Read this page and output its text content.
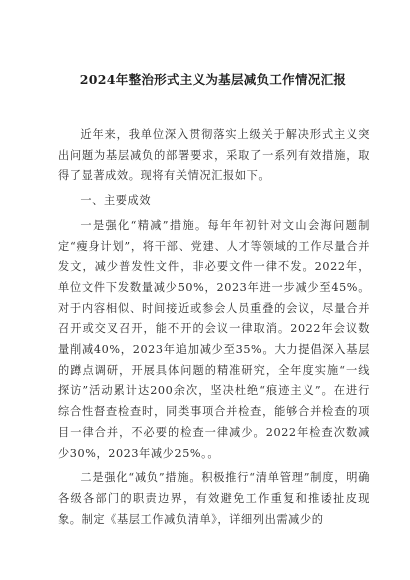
2024年整治形式主义为基层减负工作情况汇报

近年来，我单位深入贯彻落实上级关于解决形式主义突出问题为基层减负的部署要求，采取了一系列有效措施，取得了显著成效。现将有关情况汇报如下。

一、主要成效

一是强化“精减”措施。每年年初针对文山会海问题制定“瘦身计划”，将干部、党建、人才等领域的工作尽量合并发文，减少普发性文件，非必要文件一律不发。2022年，单位文件下发数量减少50%，2023年进一步减少至45%。对于内容相似、时间接近或参会人员重叠的会议，尽量合并召开或交叉召开，能不开的会议一律取消。2022年会议数量削减40%，2023年追加减少至35%。大力提倡深入基层的蹲点调研，开展具体问题的精准研究，全年度实施“一线探访”活动累计达200余次，坚决杜绝“痕迹主义”。在进行综合性督查检查时，同类事项合并检查，能够合并检查的项目一律合并，不必要的检查一律减少。2022年检查次数减少30%，2023年减少25%。。

二是强化“减负”措施。积极推行“清单管理”制度，明确各级各部门的职责边界，有效避免工作重复和推诿扯皮现象。制定《基层工作减负清单》，详细列出需减少的
